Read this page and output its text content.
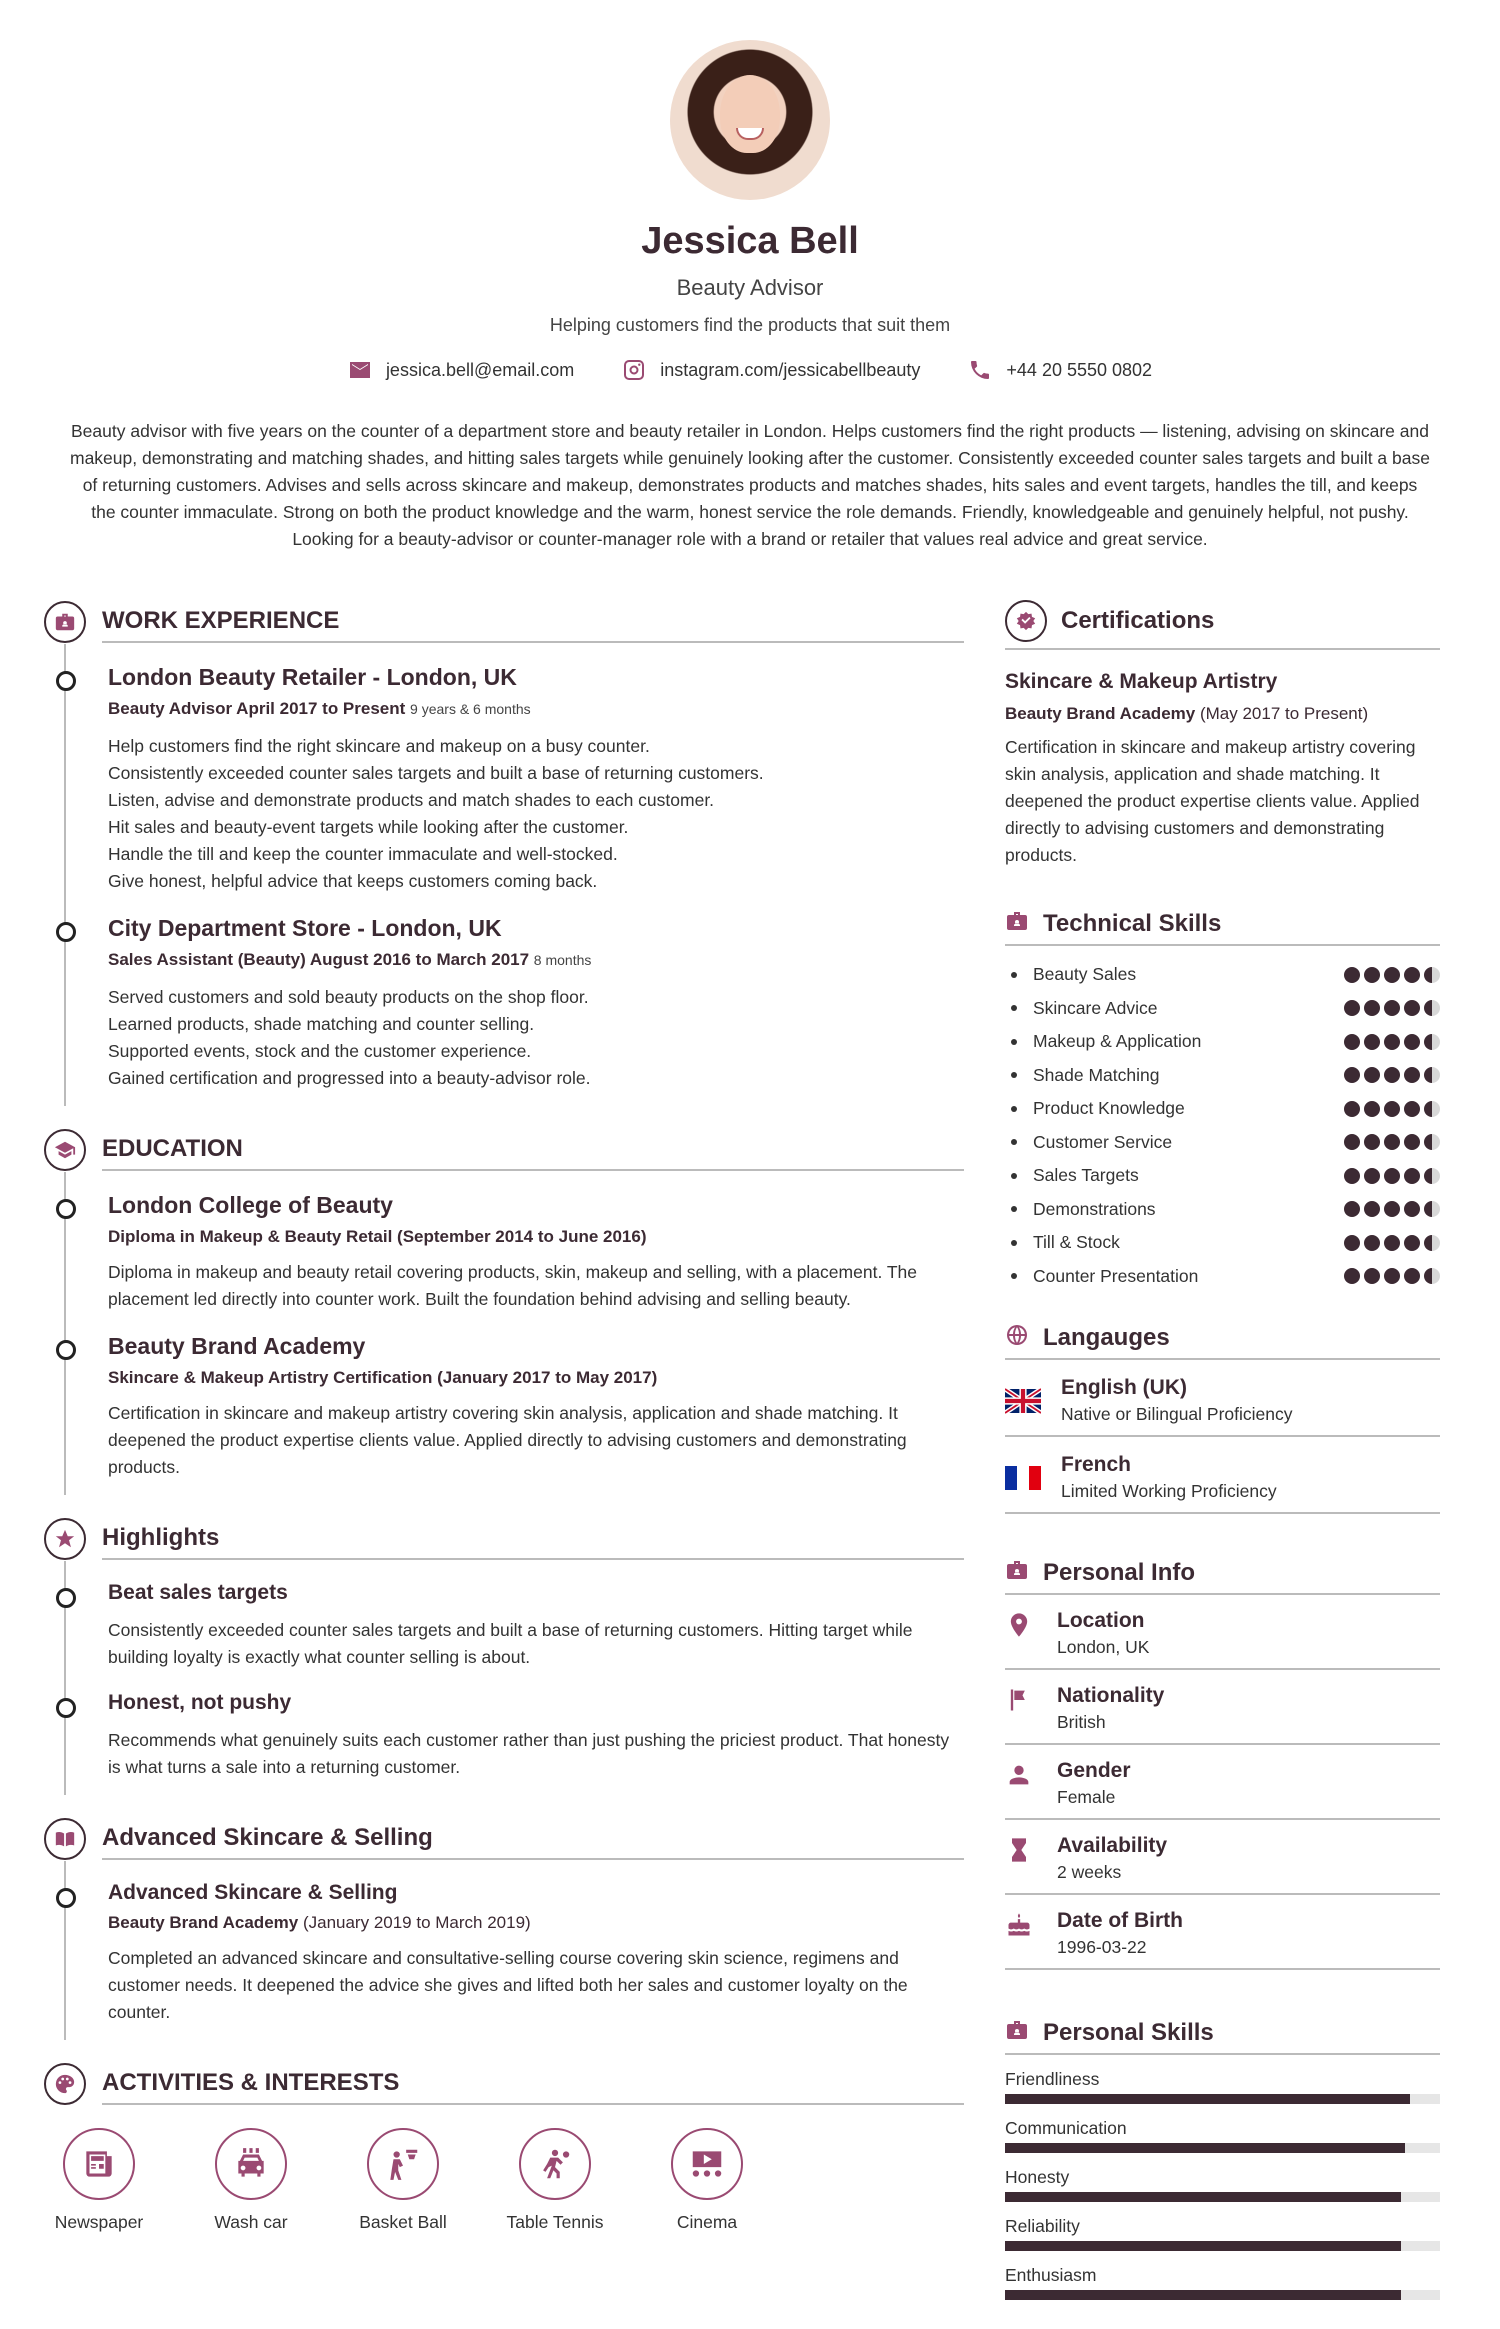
Jessica Bell
Beauty Advisor
Helping customers find the products that suit them
jessica.bell@email.com	instagram.com/jessicabellbeauty	+44 20 5550 0802
Beauty advisor with five years on the counter of a department store and beauty retailer in London. Helps customers find the right products — listening, advising on skincare and makeup, demonstrating and matching shades, and hitting sales targets while genuinely looking after the customer. Consistently exceeded counter sales targets and built a base of returning customers. Advises and sells across skincare and makeup, demonstrates products and matches shades, hits sales and event targets, handles the till, and keeps the counter immaculate. Strong on both the product knowledge and the warm, honest service the role demands. Friendly, knowledgeable and genuinely helpful, not pushy. Looking for a beauty-advisor or counter-manager role with a brand or retailer that values real advice and great service.
WORK EXPERIENCE
London Beauty Retailer - London, UK
Beauty Advisor April 2017 to Present 9 years & 6 months
Help customers find the right skincare and makeup on a busy counter.
Consistently exceeded counter sales targets and built a base of returning customers.
Listen, advise and demonstrate products and match shades to each customer.
Hit sales and beauty-event targets while looking after the customer.
Handle the till and keep the counter immaculate and well-stocked.
Give honest, helpful advice that keeps customers coming back.
City Department Store - London, UK
Sales Assistant (Beauty) August 2016 to March 2017 8 months
Served customers and sold beauty products on the shop floor.
Learned products, shade matching and counter selling.
Supported events, stock and the customer experience.
Gained certification and progressed into a beauty-advisor role.
EDUCATION
London College of Beauty
Diploma in Makeup & Beauty Retail (September 2014 to June 2016)
Diploma in makeup and beauty retail covering products, skin, makeup and selling, with a placement. The placement led directly into counter work. Built the foundation behind advising and selling beauty.
Beauty Brand Academy
Skincare & Makeup Artistry Certification (January 2017 to May 2017)
Certification in skincare and makeup artistry covering skin analysis, application and shade matching. It deepened the product expertise clients value. Applied directly to advising customers and demonstrating products.
Highlights
Beat sales targets
Consistently exceeded counter sales targets and built a base of returning customers. Hitting target while building loyalty is exactly what counter selling is about.
Honest, not pushy
Recommends what genuinely suits each customer rather than just pushing the priciest product. That honesty is what turns a sale into a returning customer.
Advanced Skincare & Selling
Advanced Skincare & Selling
Beauty Brand Academy (January 2019 to March 2019)
Completed an advanced skincare and consultative-selling course covering skin science, regimens and customer needs. It deepened the advice she gives and lifted both her sales and customer loyalty on the counter.
ACTIVITIES & INTERESTS
Newspaper	Wash car	Basket Ball	Table Tennis	Cinema
Certifications
Skincare & Makeup Artistry
Beauty Brand Academy (May 2017 to Present)
Certification in skincare and makeup artistry covering skin analysis, application and shade matching. It deepened the product expertise clients value. Applied directly to advising customers and demonstrating products.
Technical Skills
Beauty Sales
Skincare Advice
Makeup & Application
Shade Matching
Product Knowledge
Customer Service
Sales Targets
Demonstrations
Till & Stock
Counter Presentation
Langauges
English (UK)
Native or Bilingual Proficiency
French
Limited Working Proficiency
Personal Info
Location
London, UK
Nationality
British
Gender
Female
Availability
2 weeks
Date of Birth
1996-03-22
Personal Skills
Friendliness
Communication
Honesty
Reliability
Enthusiasm
